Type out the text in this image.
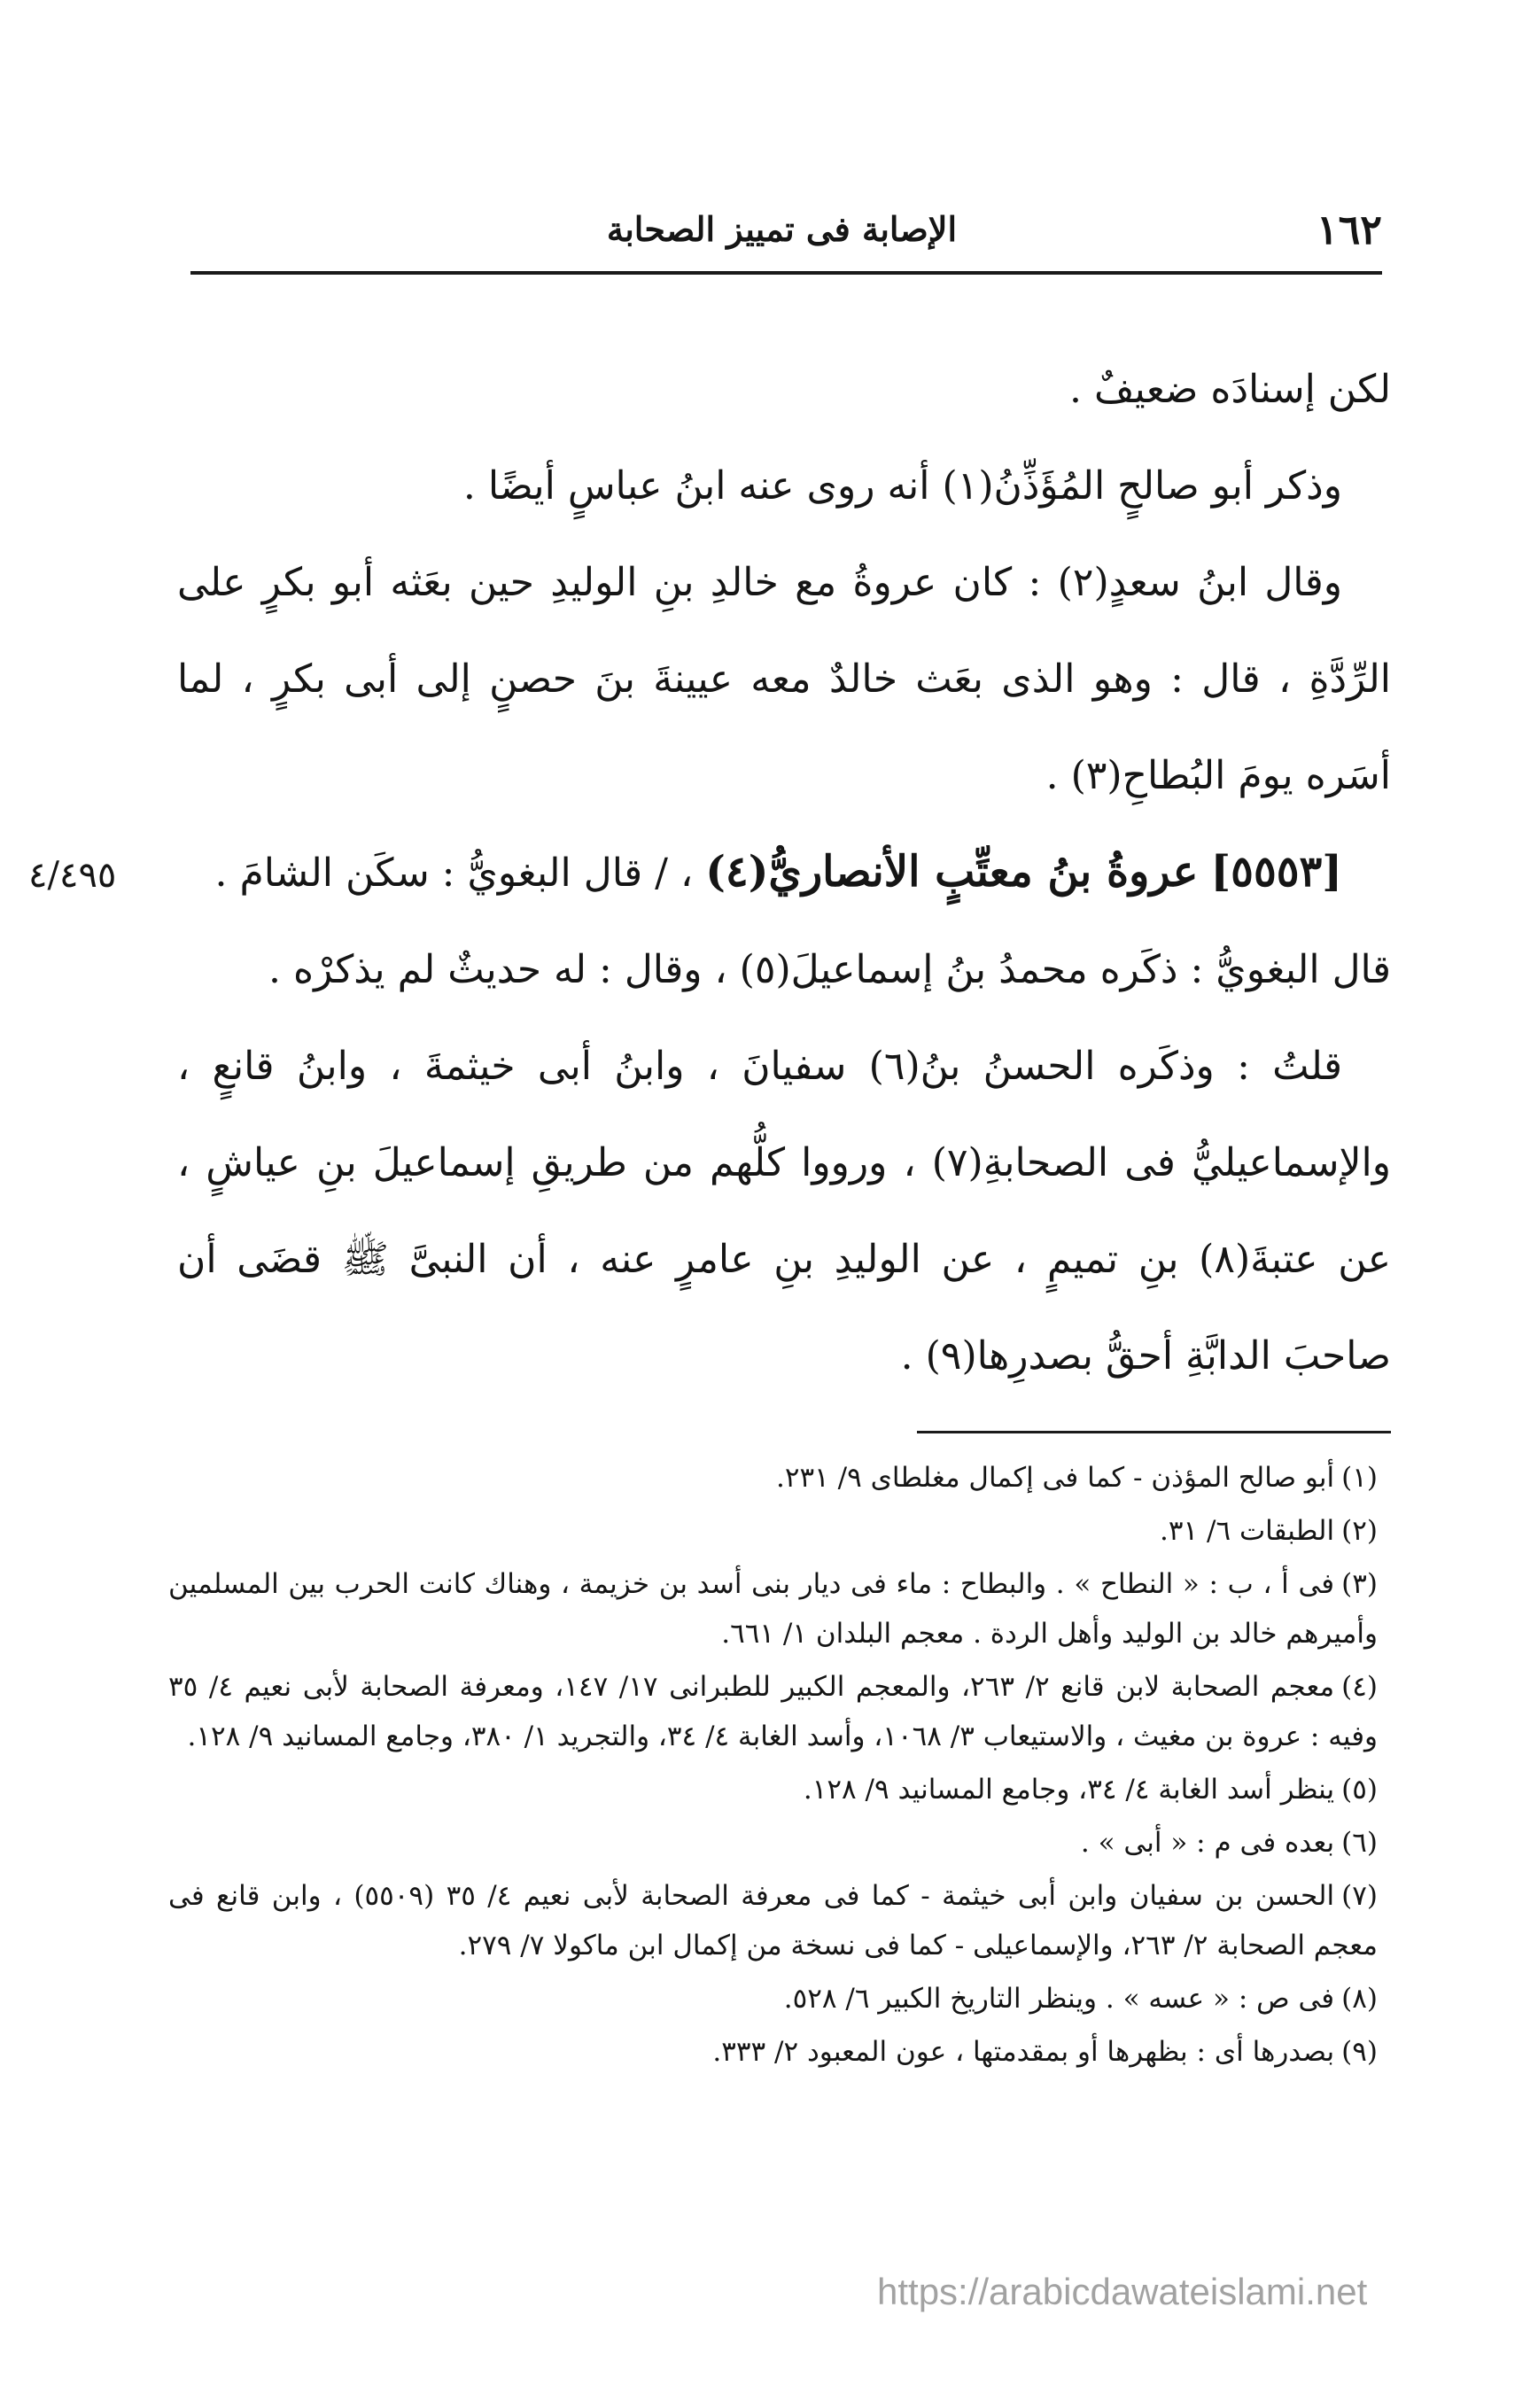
١٦٢
الإصابة فى تمييز الصحابة
٤/٤٩٥

لكن إسنادَه ضعيفٌ .

وذكر أبو صالحٍ المُؤَذِّنُ(١) أنه روى عنه ابنُ عباسٍ أيضًا .

وقال ابنُ سعدٍ(٢) : كان عروةُ مع خالدِ بنِ الوليدِ حين بعَثه أبو بكرٍ على الرِّدَّةِ ، قال : وهو الذى بعَث خالدٌ معه عيينةَ بنَ حصنٍ إلى أبى بكرٍ ، لما أسَره يومَ البُطاحِ(٣) .

[٥٥٥٣] عروةُ بنُ معتِّبٍ الأنصاريُّ(٤) ، / قال البغويُّ : سكَن الشامَ .

قال البغويُّ : ذكَره محمدُ بنُ إسماعيلَ(٥) ، وقال : له حديثٌ لم يذكرْه .

قلتُ : وذكَره الحسنُ بنُ(٦) سفيانَ ، وابنُ أبى خيثمةَ ، وابنُ قانعٍ ، والإسماعيليُّ فى الصحابةِ(٧) ، ورووا كلُّهم من طريقِ إسماعيلَ بنِ عياشٍ ، عن عتبةَ(٨) بنِ تميمٍ ، عن الوليدِ بنِ عامرٍ عنه ، أن النبىَّ ﷺ قضَى أن صاحبَ الدابَّةِ أحقُّ بصدرِها(٩) .

(١)أبو صالح المؤذن - كما فى إكمال مغلطاى ٩/ ٢٣١.
(٢)الطبقات ٦/ ٣١.
(٣)فى أ ، ب : « النطاح » . والبطاح : ماء فى ديار بنى أسد بن خزيمة ، وهناك كانت الحرب بين المسلمين وأميرهم خالد بن الوليد وأهل الردة . معجم البلدان ١/ ٦٦١.
(٤)معجم الصحابة لابن قانع ٢/ ٢٦٣، والمعجم الكبير للطبرانى ١٧/ ١٤٧، ومعرفة الصحابة لأبى نعيم ٤/ ٣٥ وفيه : عروة بن مغيث ، والاستيعاب ٣/ ١٠٦٨، وأسد الغابة ٤/ ٣٤، والتجريد ١/ ٣٨٠، وجامع المسانيد ٩/ ١٢٨.
(٥)ينظر أسد الغابة ٤/ ٣٤، وجامع المسانيد ٩/ ١٢٨.
(٦)بعده فى م : « أبى » .
(٧)الحسن بن سفيان وابن أبى خيثمة - كما فى معرفة الصحابة لأبى نعيم ٤/ ٣٥ (٥٥٠٩) ، وابن قانع فى معجم الصحابة ٢/ ٢٦٣، والإسماعيلى - كما فى نسخة من إكمال ابن ماكولا ٧/ ٢٧٩.
(٨)فى ص : « عسه » . وينظر التاريخ الكبير ٦/ ٥٢٨.
(٩)بصدرها أى : بظهرها أو بمقدمتها ، عون المعبود ٢/ ٣٣٣.
https://arabicdawateislami.net
